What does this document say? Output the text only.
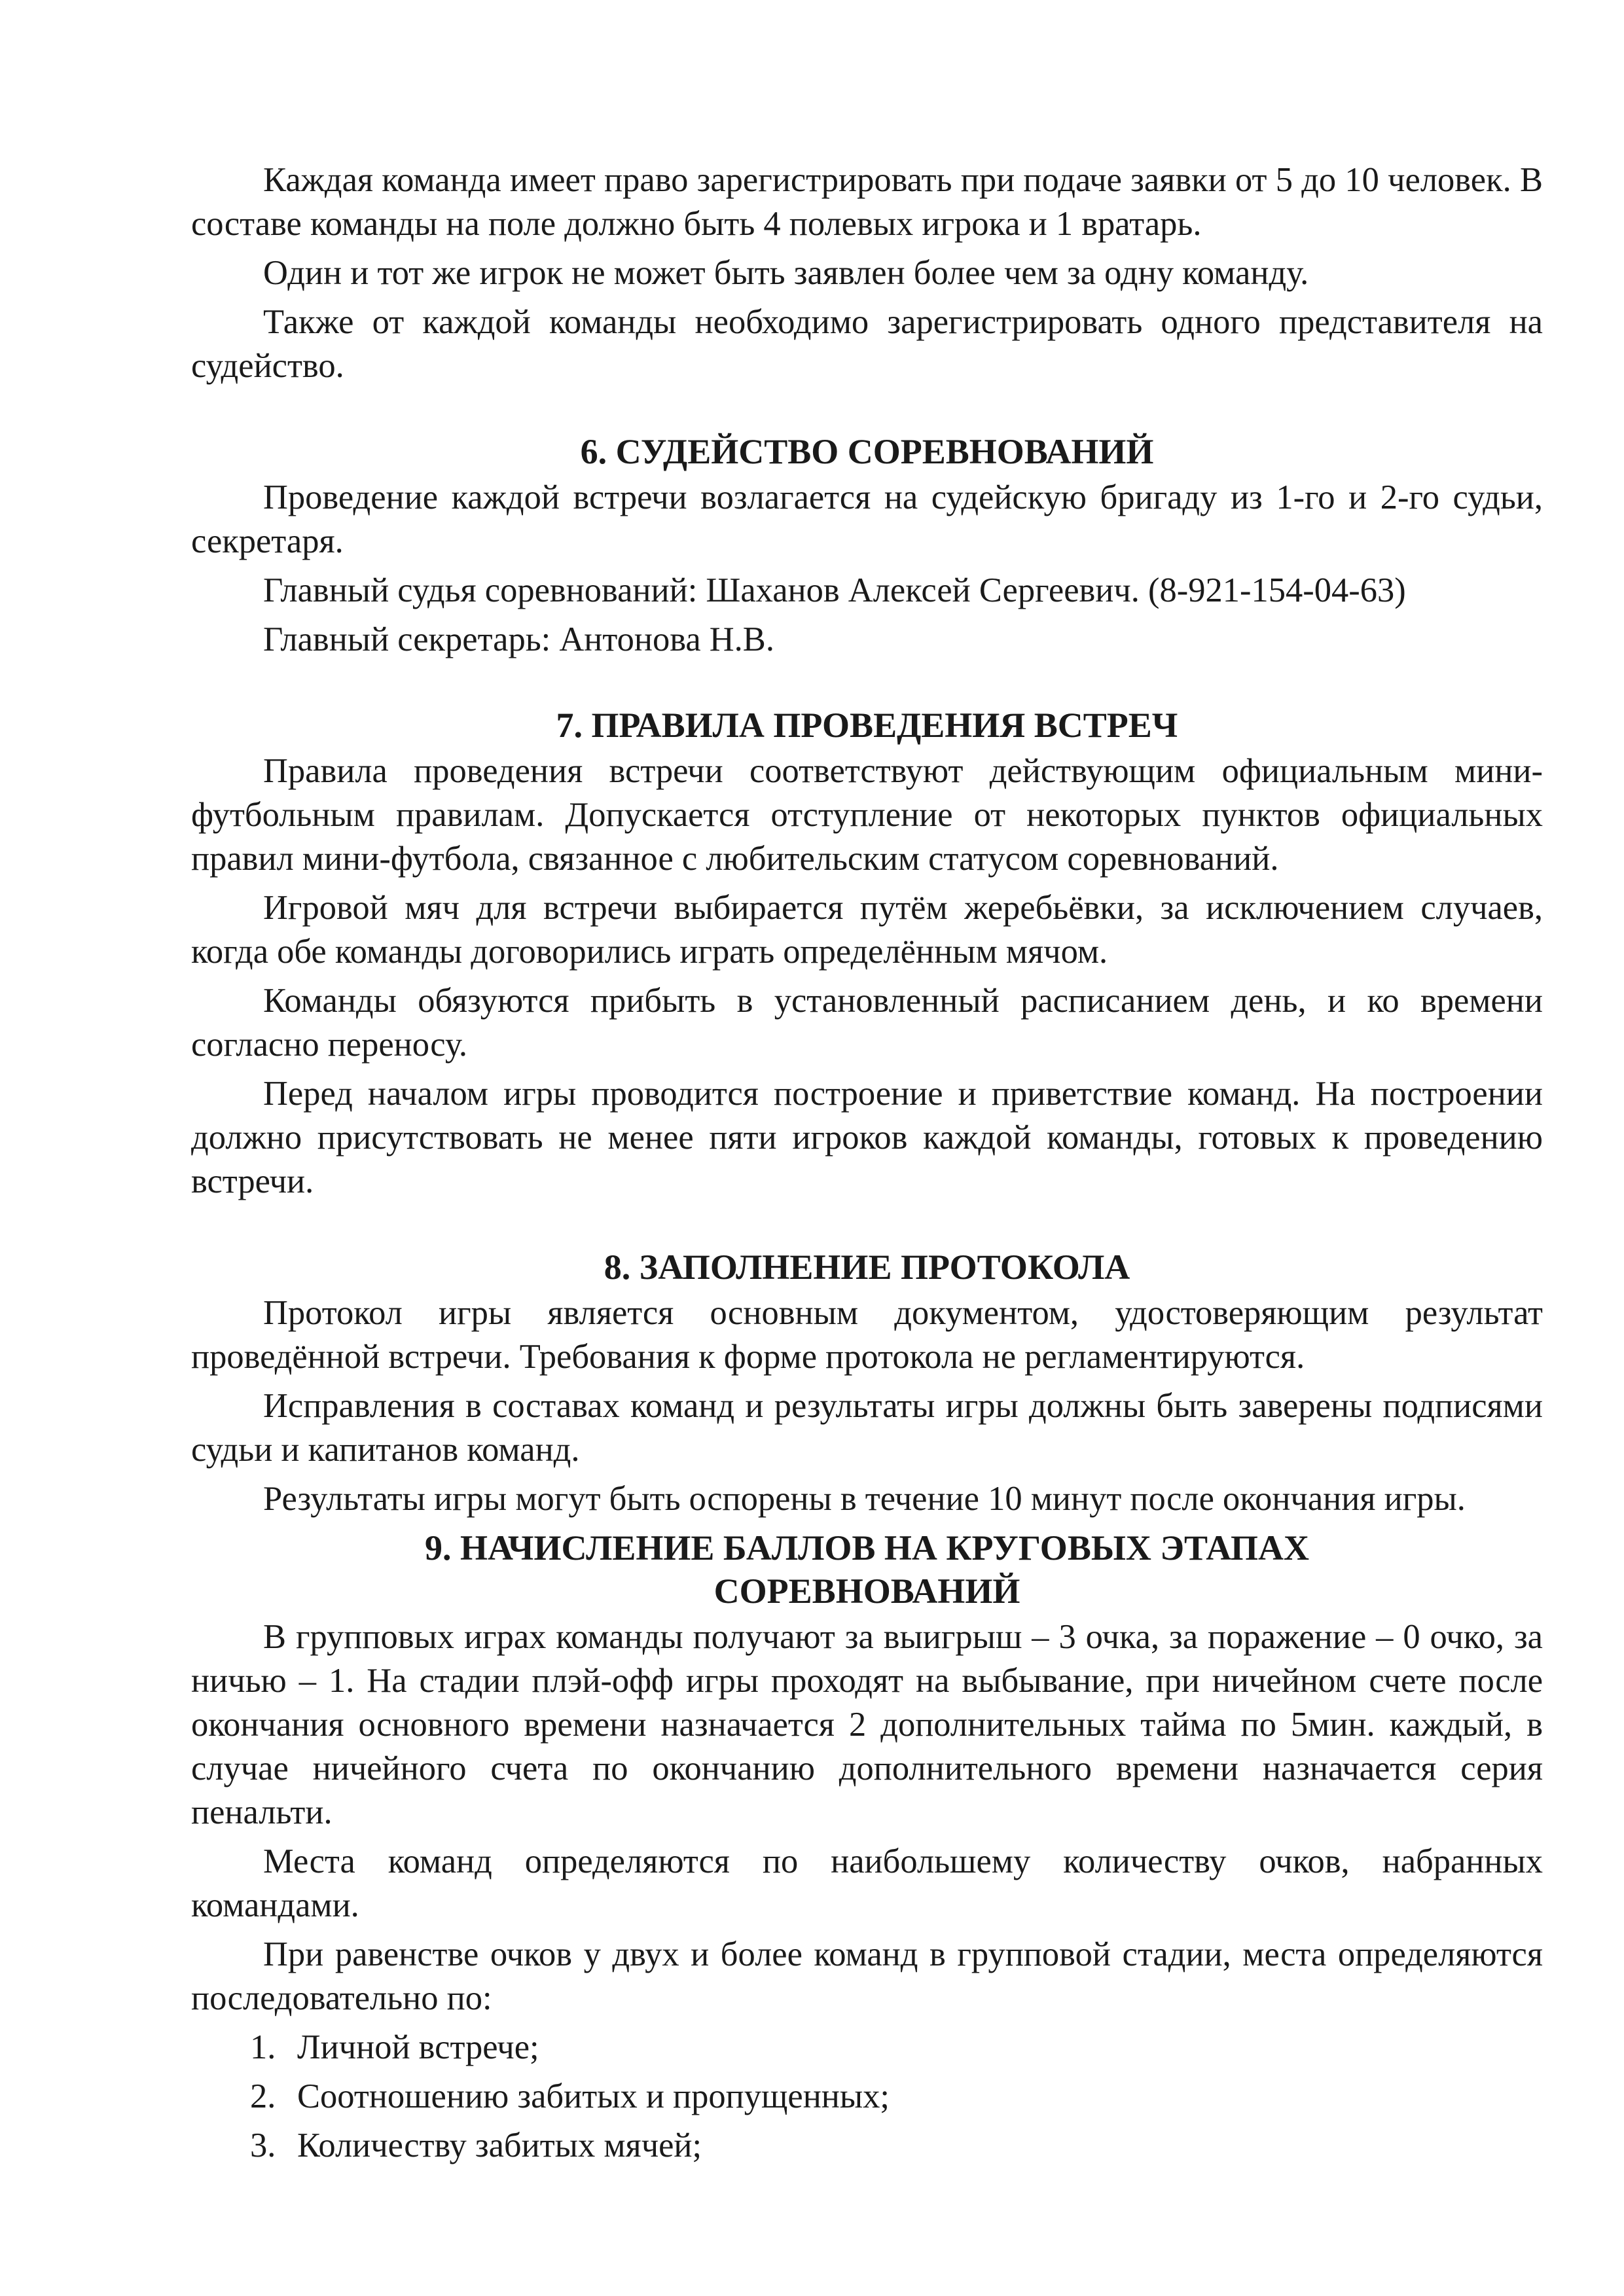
Каждая команда имеет право зарегистрировать при подаче заявки от 5 до 10 человек. В составе команды на поле должно быть 4 полевых игрока и 1 вратарь.

Один и тот же игрок не может быть заявлен более чем за одну команду.

Также от каждой команды необходимо зарегистрировать одного представителя на судейство.

6. СУДЕЙСТВО СОРЕВНОВАНИЙ

Проведение каждой встречи возлагается на судейскую бригаду из 1-го и 2-го судьи, секретаря.

Главный судья соревнований: Шаханов Алексей Сергеевич. (8-921-154-04-63)

Главный секретарь: Антонова Н.В.

7. ПРАВИЛА ПРОВЕДЕНИЯ ВСТРЕЧ

Правила проведения встречи соответствуют действующим официальным мини-футбольным правилам. Допускается отступление от некоторых пунктов официальных правил мини-футбола, связанное с любительским статусом соревнований.

Игровой мяч для встречи выбирается путём жеребьёвки, за исключением случаев, когда обе команды договорились играть определённым мячом.

Команды обязуются прибыть в установленный расписанием день, и ко времени согласно переносу.

Перед началом игры проводится построение и приветствие команд. На построении должно присутствовать не менее пяти игроков каждой команды, готовых к проведению встречи.

8. ЗАПОЛНЕНИЕ ПРОТОКОЛА

Протокол игры является основным документом, удостоверяющим результат проведённой встречи. Требования к форме протокола не регламентируются.

Исправления в составах команд и результаты игры должны быть заверены подписями судьи и капитанов команд.

Результаты игры могут быть оспорены в течение 10 минут после окончания игры.

9. НАЧИСЛЕНИЕ БАЛЛОВ НА КРУГОВЫХ ЭТАПАХ
СОРЕВНОВАНИЙ

В групповых играх команды получают за выигрыш – 3 очка, за поражение – 0 очко, за ничью – 1. На стадии плэй-офф игры проходят на выбывание, при ничейном счете после окончания основного времени назначается 2 дополнительных тайма по 5мин. каждый, в случае ничейного счета по окончанию дополнительного времени назначается серия пенальти.

Места команд определяются по наибольшему количеству очков, набранных командами.

При равенстве очков у двух и более команд в групповой стадии, места определяются последовательно по:

1. Личной встрече;
2. Соотношению забитых и пропущенных;
3. Количеству забитых мячей;
